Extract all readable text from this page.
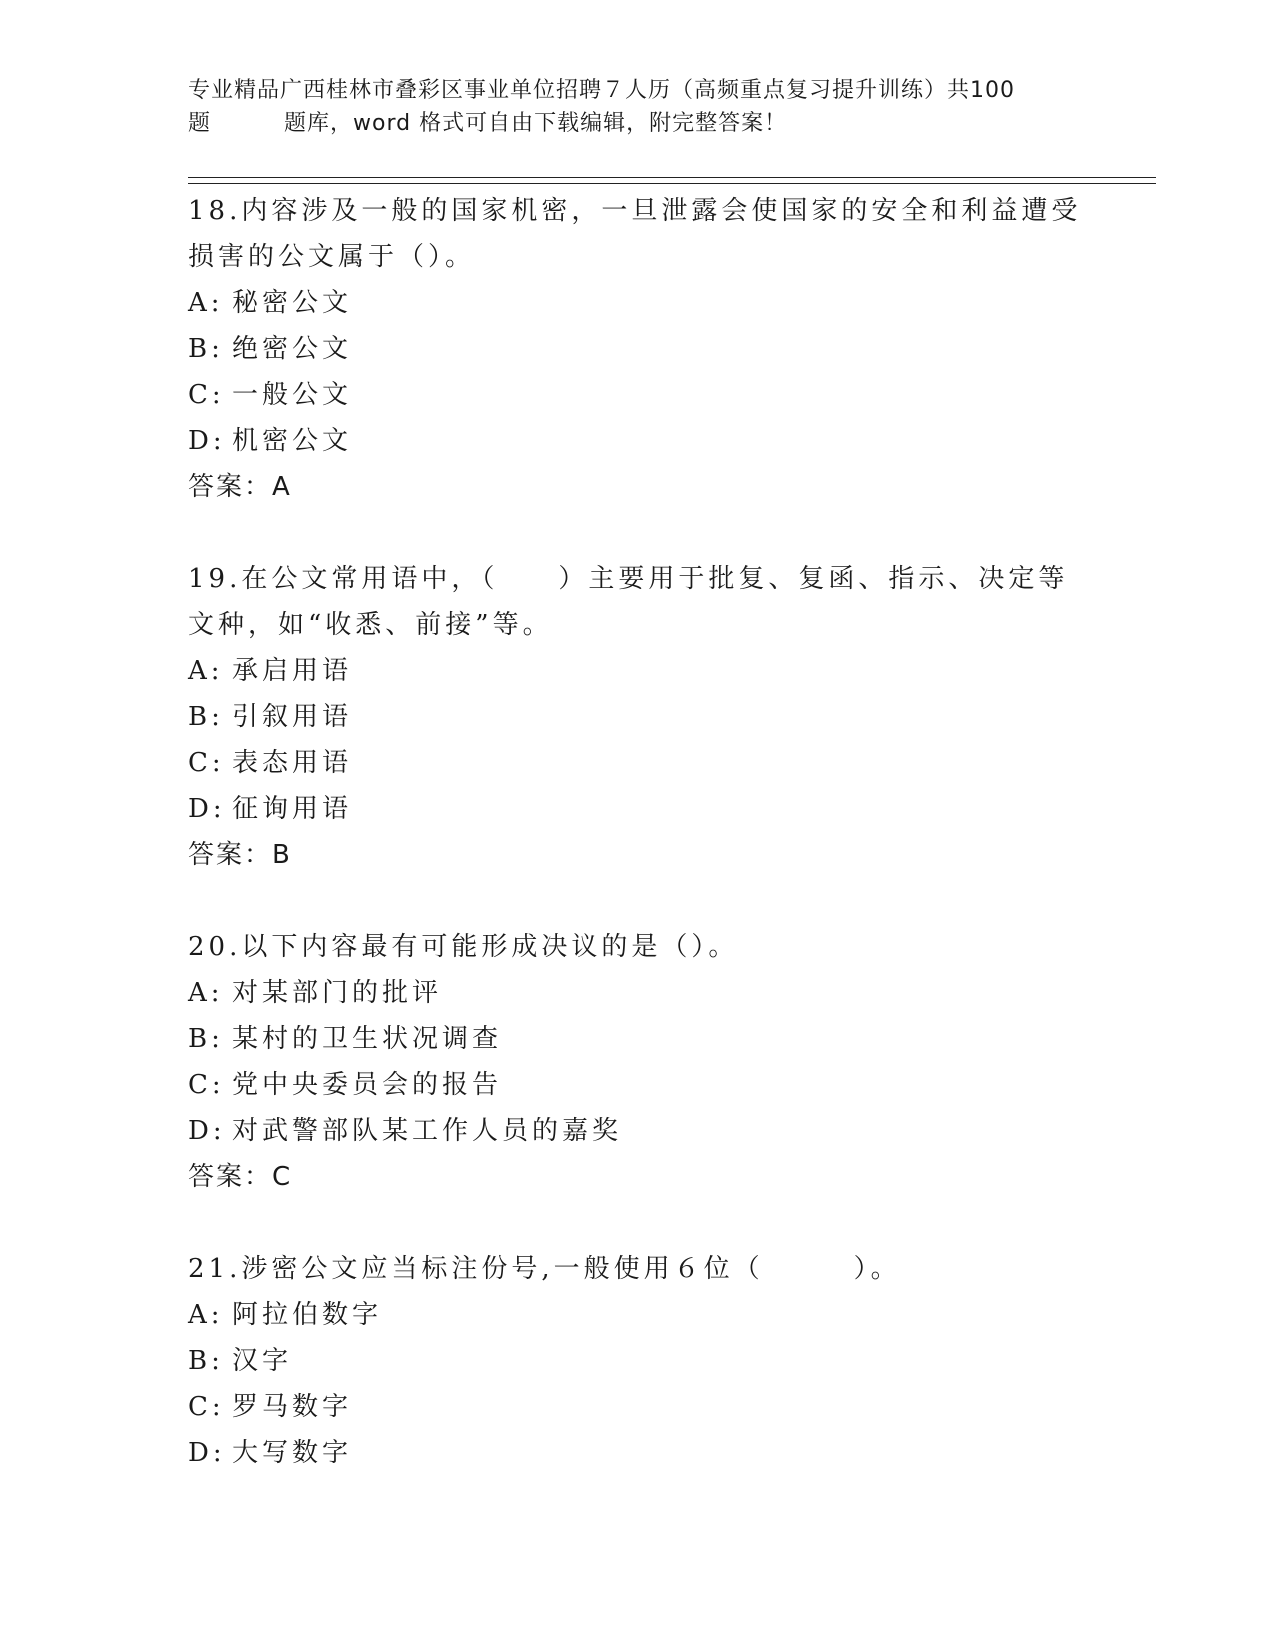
专业精品广西桂林市叠彩区事业单位招聘７人历（高频重点复习提升训练）共100
题	题库，word 格式可自由下载编辑，附完整答案！

18.内容涉及一般的国家机密，一旦泄露会使国家的安全和利益遭受损害的公文属于（）。

A: 秘密公文
B: 绝密公文
C: 一般公文
D: 机密公文
答案：A

19.在公文常用语中，（　　）主要用于批复、复函、指示、决定等文种，如“收悉、前接”等。

A: 承启用语
B: 引叙用语
C: 表态用语
D: 征询用语
答案：B

20.以下内容最有可能形成决议的是（）。

A: 对某部门的批评
B: 某村的卫生状况调查
C: 党中央委员会的报告
D: 对武警部队某工作人员的嘉奖
答案：C

21.涉密公文应当标注份号,一般使用６位（　　　）。

A: 阿拉伯数字
B: 汉字
C: 罗马数字
D: 大写数字
